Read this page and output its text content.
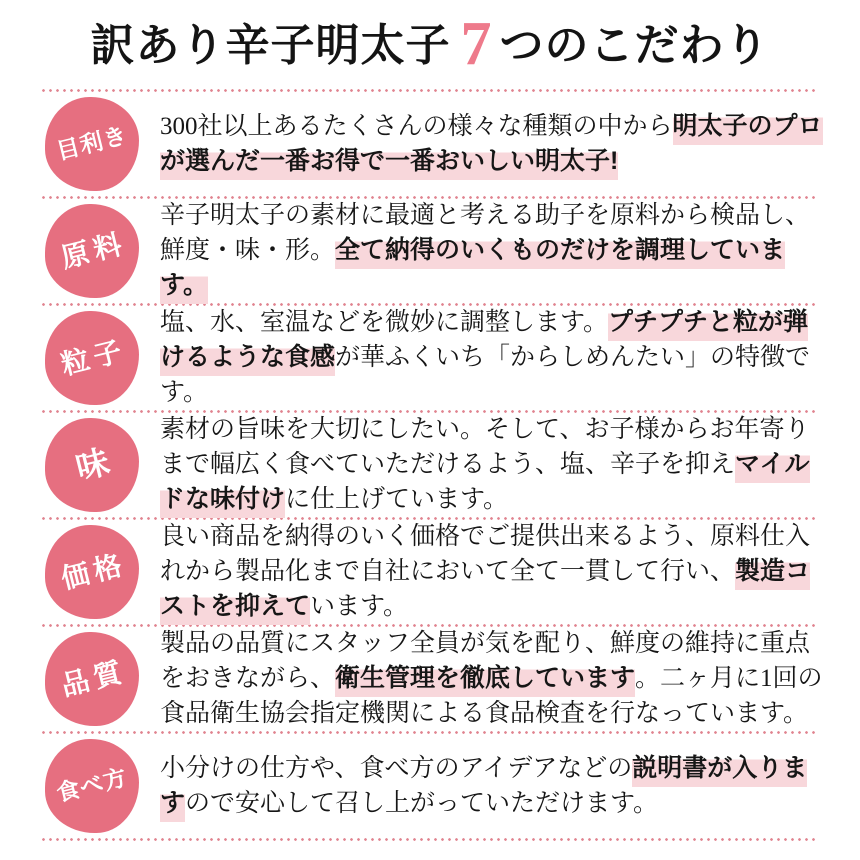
訳あり辛子明太子 7 つのこだわり
目利き 300社以上あるたくさんの様々な種類の中から明太子のプロが選んだ一番お得で一番おいしい明太子!

原料

辛子明太子の素材に最適と考える助子を原料から検品し、鮮度・味・形。全て納得のいくものだけを調理しています。

粒子

塩、水、室温などを微妙に調整します。プチプチと粒が弾けるような食感が華ふくいち「からしめんたい」の特徴です。

味

素材の旨味を大切にしたい。そして、お子様からお年寄りまで幅広く食べていただけるよう、塩、辛子を抑えマイルドな味付けに仕上げています。

価格

良い商品を納得のいく価格でご提供出来るよう、原料仕入れから製品化まで自社において全て一貫して行い、製造コストを抑えています。

品質

製品の品質にスタッフ全員が気を配り、鮮度の維持に重点をおきながら、衛生管理を徹底しています。二ヶ月に1回の食品衛生協会指定機関による食品検査を行なっています。

食べ方 小分けの仕方や、食べ方のアイデアなどの説明書が入りますので安心して召し上がっていただけます。
